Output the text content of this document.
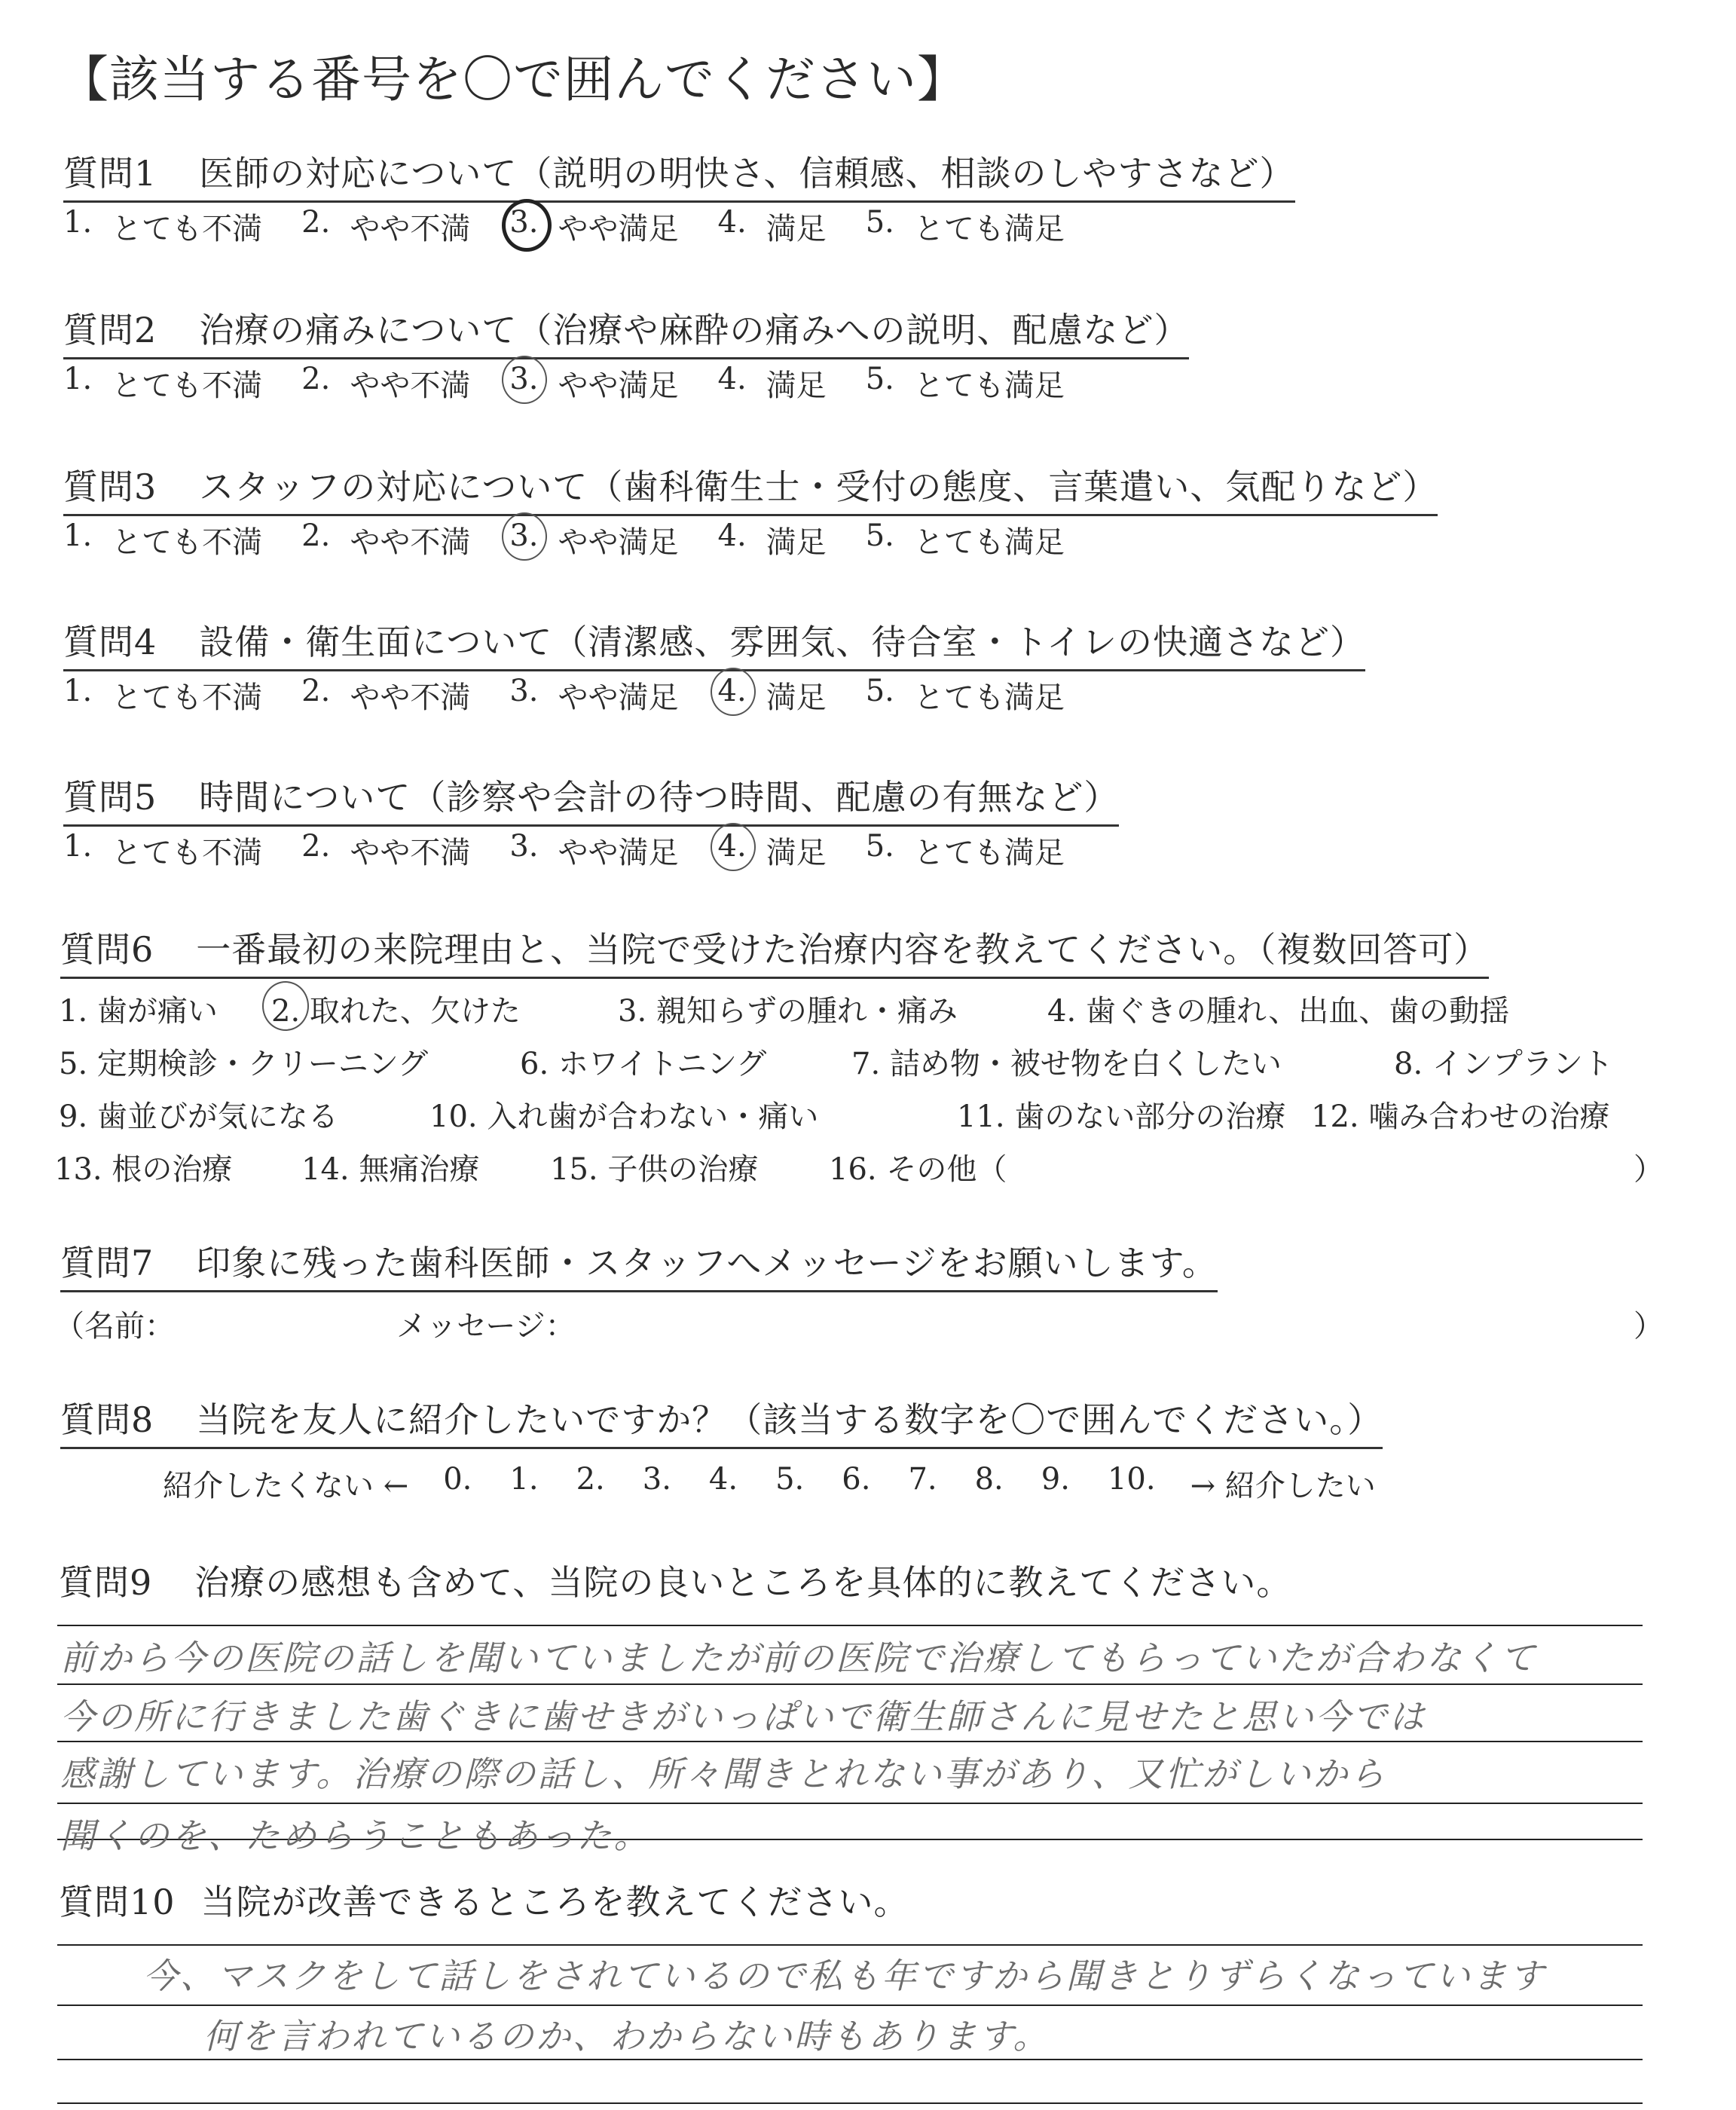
【該当する番号を〇で囲んでください】
質問1 医師の対応について（説明の明快さ、信頼感、相談のしやすさなど）
1. とても不満 2. やや不満 3. やや満足 4. 満足 5. とても満足
質問2 治療の痛みについて（治療や麻酔の痛みへの説明、配慮など）
1. とても不満 2. やや不満 3. やや満足 4. 満足 5. とても満足
質問3 スタッフの対応について（歯科衛生士・受付の態度、言葉遣い、気配りなど）
1. とても不満 2. やや不満 3. やや満足 4. 満足 5. とても満足
質問4 設備・衛生面について（清潔感、雰囲気、待合室・トイレの快適さなど）
1. とても不満 2. やや不満 3. やや満足 4. 満足 5. とても満足
質問5 時間について（診察や会計の待つ時間、配慮の有無など）
1. とても不満 2. やや不満 3. やや満足 4. 満足 5. とても満足
質問6 一番最初の来院理由と、当院で受けた治療内容を教えてください。（複数回答可）
1. 歯が痛い 2. 取れた、欠けた	3. 親知らずの腫れ・痛み	4. 歯ぐきの腫れ、出血、歯の動揺
5. 定期検診・クリーニング	6. ホワイトニング	7. 詰め物・被せ物を白くしたい	8. インプラント
9. 歯並びが気になる	10. 入れ歯が合わない・痛い	11. 歯のない部分の治療 12. 噛み合わせの治療
13. 根の治療 14. 無痛治療 15. 子供の治療 16. その他（	）
質問7 印象に残った歯科医師・スタッフへメッセージをお願いします。
（名前：	メッセージ：	）
質問8 当院を友人に紹介したいですか？（該当する数字を〇で囲んでください。）
紹介したくない ← 0. 1. 2. 3. 4. 5. 6. 7. 8. 9. 10. → 紹介したい
質問9 治療の感想も含めて、当院の良いところを具体的に教えてください。
前から今の医院の話しを聞いていましたが前の医院で治療してもらっていたが合わなくて
今の所に行きました歯ぐきに歯せきがいっぱいで衛生師さんに見せたと思い今では
感謝しています。治療の際の話し、所々聞きとれない事があり、又忙がしいから
聞くのを、ためらうこともあった。
質問10 当院が改善できるところを教えてください。
今、マスクをして話しをされているので私も年ですから聞きとりずらくなっています
何を言われているのか、わからない時もあります。
